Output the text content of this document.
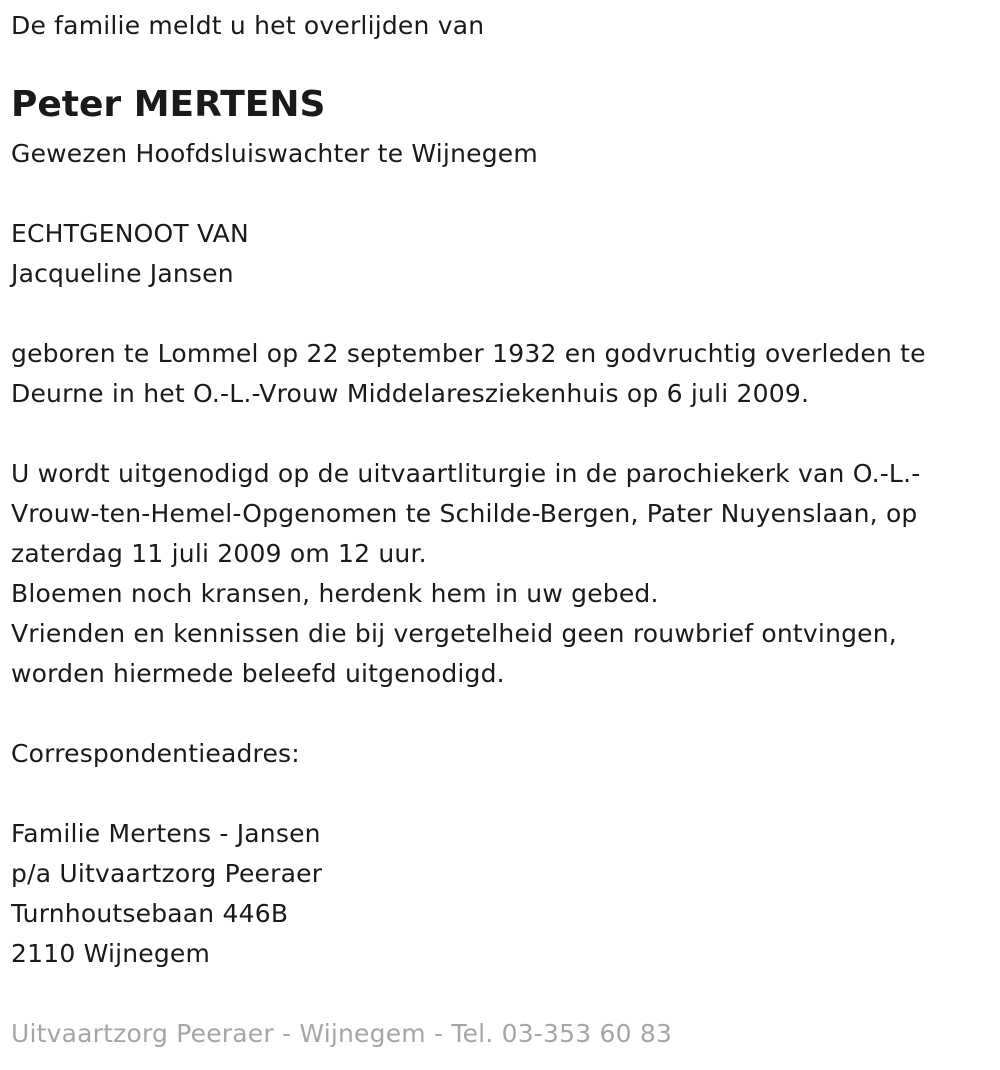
De familie meldt u het overlijden van
Peter MERTENS
Gewezen Hoofdsluiswachter te Wijnegem
ECHTGENOOT VAN
Jacqueline Jansen
geboren te Lommel op 22 september 1932 en godvruchtig overleden te
Deurne in het O.-L.-Vrouw Middelaresziekenhuis op 6 juli 2009.
U wordt uitgenodigd op de uitvaartliturgie in de parochiekerk van O.-L.-
Vrouw-ten-Hemel-Opgenomen te Schilde-Bergen, Pater Nuyenslaan, op
zaterdag 11 juli 2009 om 12 uur.
Bloemen noch kransen, herdenk hem in uw gebed.
Vrienden en kennissen die bij vergetelheid geen rouwbrief ontvingen,
worden hiermede beleefd uitgenodigd.
Correspondentieadres:
Familie Mertens - Jansen
p/a Uitvaartzorg Peeraer
Turnhoutsebaan 446B
2110 Wijnegem
Uitvaartzorg Peeraer - Wijnegem - Tel. 03-353 60 83
